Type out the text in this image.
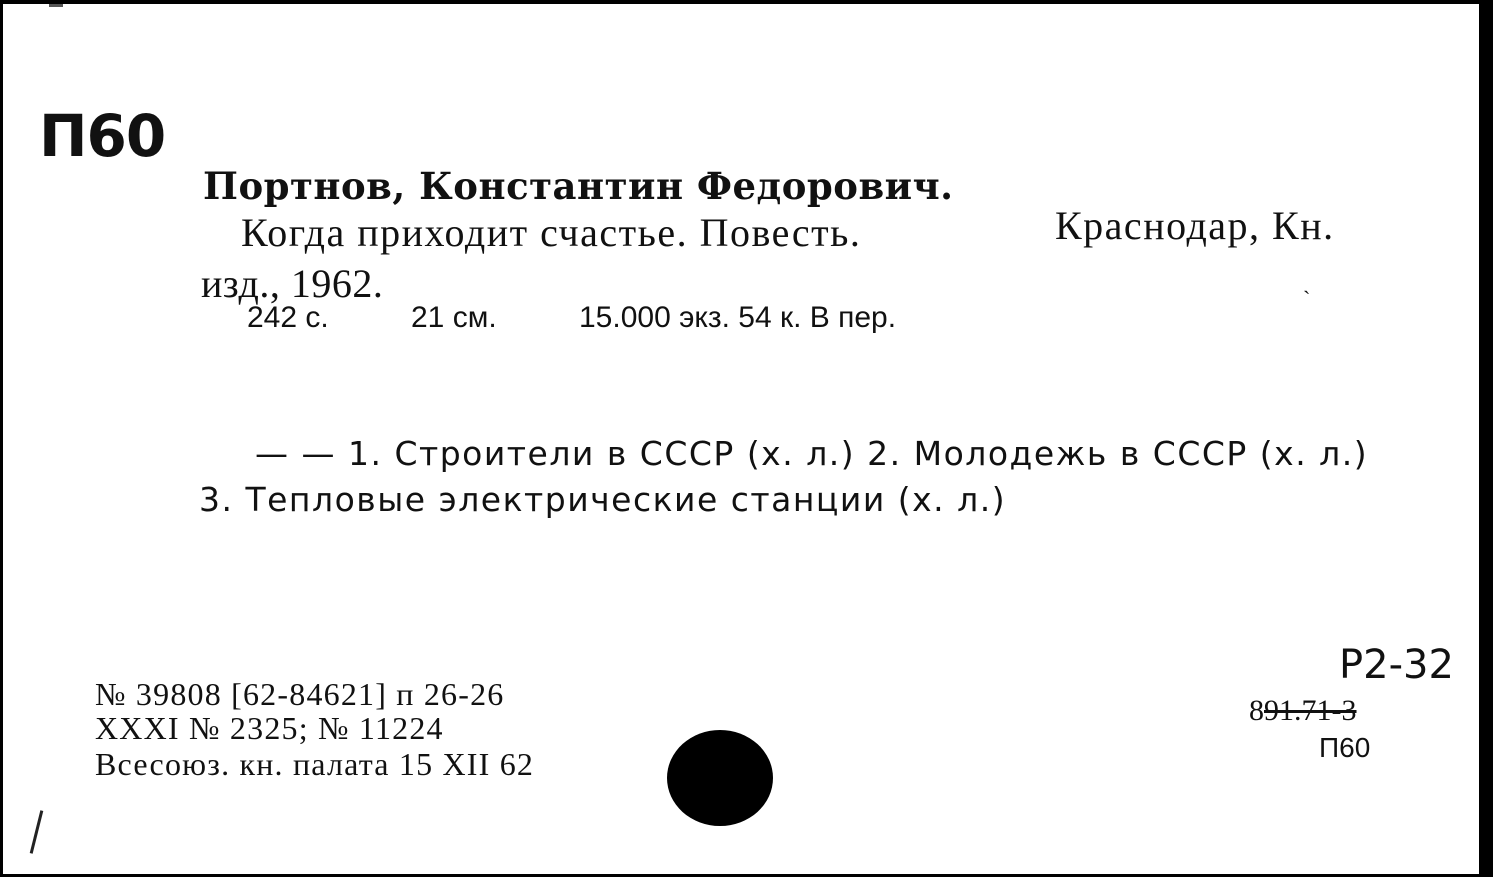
П60
Портнов, Константин Федорович.
Когда приходит счастье. Повесть.	Краснодар, Кн.
изд., 1962.
242 с.	21 см.	15.000 экз. 54 к. В пер.
ˋ
— — 1. Строители в СССР (х. л.) 2. Молодежь в СССР (х. л.)
3. Тепловые электрические станции (х. л.)
№ 39808 [62-84621] п 26-26
XXXI № 2325; № 11224
Всесоюз. кн. палата 15 XII 62
Р2-32
891.71-3
П60
